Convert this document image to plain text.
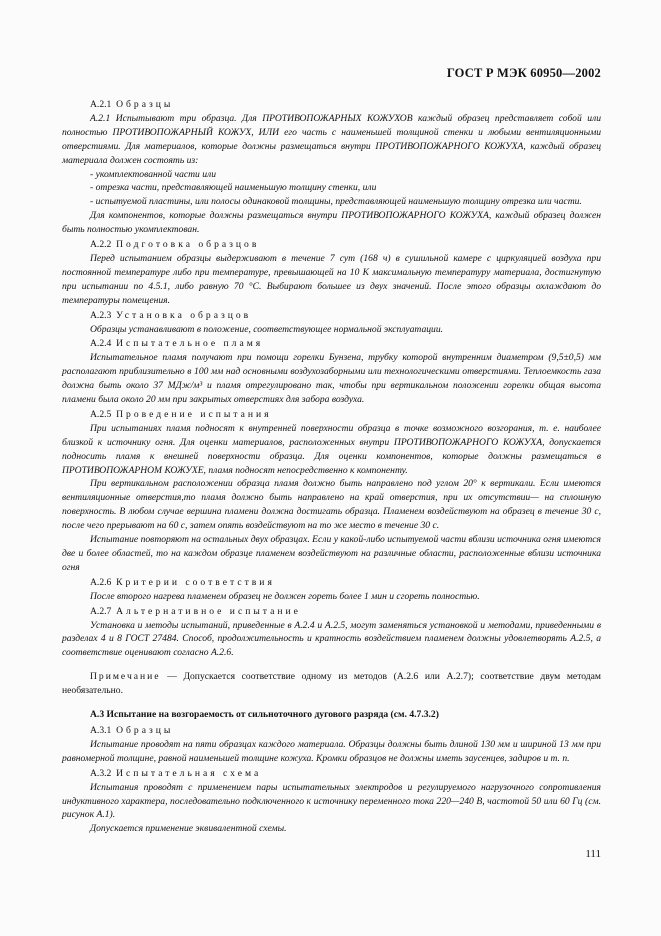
ГОСТ Р МЭК 60950—2002

А.2.1 Образцы

А.2.1 Испытывают три образца. Для ПРОТИВОПОЖАРНЫХ КОЖУХОВ каждый образец представляет собой или полностью ПРОТИВОПОЖАРНЫЙ КОЖУХ, ИЛИ его часть с наименьшей толщиной стенки и любыми вентиляционными отверстиями. Для материалов, которые должны размещаться внутри ПРОТИВОПОЖАРНОГО КОЖУХА, каждый образец материала должен состоять из:

- укомплектованной части или

- отрезка части, представляющей наименьшую толщину стенки, или

- испытуемой пластины, или полосы одинаковой толщины, представляющей наименьшую толщину отрезка или части.

Для компонентов, которые должны размещаться внутри ПРОТИВОПОЖАРНОГО КОЖУХА, каждый образец должен быть полностью укомплектован.

А.2.2 Подготовка образцов

Перед испытанием образцы выдерживают в течение 7 сут (168 ч) в сушильной камере с циркуляцией воздуха при постоянной температуре либо при температуре, превышающей на 10 К максимальную температуру материала, достигнутую при испытании по 4.5.1, либо равную 70 °С. Выбирают большее из двух значений. После этого образцы охлаждают до температуры помещения.

А.2.3 Установка образцов

Образцы устанавливают в положение, соответствующее нормальной эксплуатации.

А.2.4 Испытательное пламя

Испытательное пламя получают при помощи горелки Бунзена, трубку которой внутренним диаметром (9,5±0,5) мм располагают приблизительно в 100 мм над основными воздухозаборными или технологическими отверстиями. Теплоемкость газа должна быть около 37 МДж/м³ и пламя отрегулировано так, чтобы при вертикальном положении горелки общая высота пламени была около 20 мм при закрытых отверстиях для забора воздуха.

А.2.5 Проведение испытания

При испытаниях пламя подносят к внутренней поверхности образца в точке возможного возгорания, т. е. наиболее близкой к источнику огня. Для оценки материалов, расположенных внутри ПРОТИВОПОЖАРНОГО КОЖУХА, допускается подносить пламя к внешней поверхности образца. Для оценки компонентов, которые должны размещаться в ПРОТИВОПОЖАРНОМ КОЖУХЕ, пламя подносят непосредственно к компоненту.

При вертикальном расположении образца пламя должно быть направлено под углом 20° к вертикали. Если имеются вентиляционные отверстия,то пламя должно быть направлено на край отверстия, при их отсутствии— на сплошную поверхность. В любом случае вершина пламени должна достигать образца. Пламенем воздействуют на образец в течение 30 с, после чего прерывают на 60 с, затем опять воздействуют на то же место в течение 30 с.

Испытание повторяют на остальных двух образцах. Если у какой-либо испытуемой части вблизи источника огня имеются две и более областей, то на каждом образце пламенем воздействуют на различные области, расположенные вблизи источника огня

А.2.6 Критерии соответствия

После второго нагрева пламенем образец не должен гореть более 1 мин и сгореть полностью.

А.2.7 Альтернативное испытание

Установка и методы испытаний, приведенные в А.2.4 и А.2.5, могут заменяться установкой и методами, приведенными в разделах 4 и 8 ГОСТ 27484. Способ, продолжительность и кратность воздействием пламенем должны удовлетворять А.2.5, а соответствие оценивают согласно А.2.6.

Примечание — Допускается соответствие одному из методов (А.2.6 или А.2.7); соответствие двум методам необязательно.

А.3 Испытание на возгораемость от сильноточного дугового разряда (см. 4.7.3.2)

А.3.1 Образцы

Испытание проводят на пяти образцах каждого материала. Образцы должны быть длиной 130 мм и шириной 13 мм при равномерной толщине, равной наименьшей толщине кожуха. Кромки образцов не должны иметь заусенцев, задиров и т. п.

А.3.2 Испытательная схема

Испытания проводят с применением пары испытательных электродов и регулируемого нагрузочного сопротивления индуктивного характера, последовательно подключенного к источнику переменного тока 220—240 В, частотой 50 или 60 Гц (см. рисунок А.1).

Допускается применение эквивалентной схемы.

111
